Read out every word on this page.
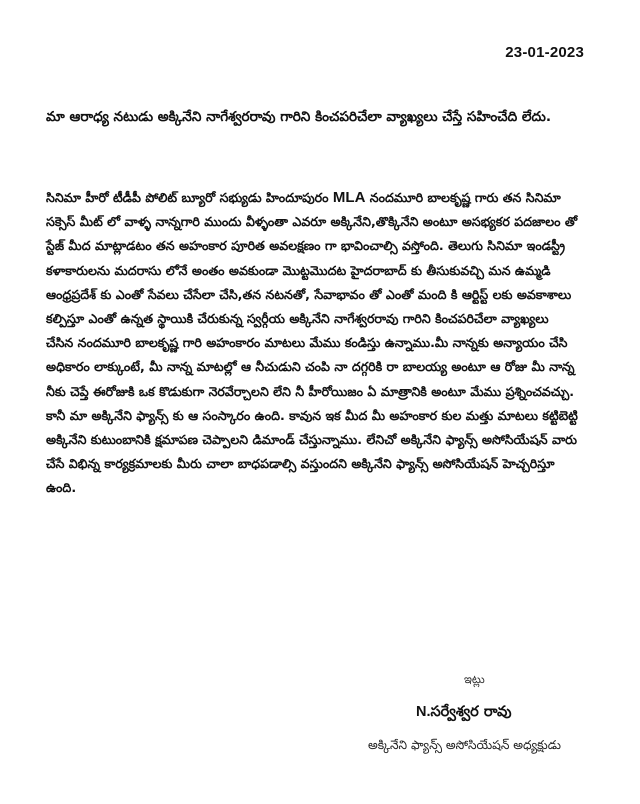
23-01-2023
మా ఆరాధ్య నటుడు అక్కినేని నాగేశ్వరరావు గారిని కించపరిచేలా వ్యాఖ్యలు చేస్తే సహించేది లేదు.
సినిమా హీరో టీడీపీ పోలిట్ బ్యూరో సభ్యుడు హిందూపురం MLA నందమూరి బాలకృష్ణ గారు తన సినిమా
సక్సెస్ మీట్ లో వాళ్ళ నాన్నగారి ముందు వీళ్ళంతా ఎవరూ అక్కినేని,తొక్కినేని అంటూ అసభ్యకర పదజాలం తో
స్టేజ్ మీద మాట్లాడటం తన అహంకార పూరిత అవలక్షణం గా భావించాల్సి వస్తోంది. తెలుగు సినిమా ఇండస్ట్రీ
కళాకారులను మదరాసు లోనే అంతం అవకుండా మొట్టమొదట హైదరాబాద్ కు తీసుకువచ్చి మన ఉమ్మడి
ఆంధ్రప్రదేశ్ కు ఎంతో సేవలు చేసేలా చేసి,తన నటనతో, సేవాభావం తో ఎంతో మంది కి ఆర్టిస్ట్ లకు అవకాశాలు
కల్పిస్తూ ఎంతో ఉన్నత స్థాయికి చేరుకున్న స్వర్గీయ అక్కినేని నాగేశ్వరరావు గారిని కించపరిచేలా వ్యాఖ్యలు
చేసిన నందమూరి బాలకృష్ణ గారి అహంకారం మాటలు మేము కండిస్తు ఉన్నాము.మీ నాన్నకు అన్యాయం చేసి
అధికారం లాక్కుంటే, మీ నాన్న మాటల్లో ఆ నీచుడుని చంపి నా దగ్గరికి రా బాలయ్య అంటూ ఆ రోజు మీ నాన్న
నీకు చెప్తే ఈరోజుకి ఒక కొడుకుగా నెరవేర్చాలని లేని నీ హీరోయిజం ఏ మాత్రానికి అంటూ మేము ప్రశ్నించవచ్చు.
కానీ మా అక్కినేని ఫ్యాన్స్ కు ఆ సంస్కారం ఉంది. కావున ఇక మీద మీ అహంకార కుల మత్తు మాటలు కట్టిబెట్టి
అక్కినేని కుటుంబానికి క్షమాపణ చెప్పాలని డిమాండ్ చేస్తున్నాము. లేనిచో అక్కినేని ఫ్యాన్స్ అసోసియేషన్ వారు
చేసే విభిన్న కార్యక్రమాలకు మీరు చాలా బాధపడాల్సి వస్తుందని అక్కినేని ఫ్యాన్స్ అసోసియేషన్ హెచ్చరిస్తూ
ఉంది.
ఇట్లు
N.సర్వేశ్వర రావు
అక్కినేని ఫ్యాన్స్ అసోసియేషన్ అధ్యక్షుడు
